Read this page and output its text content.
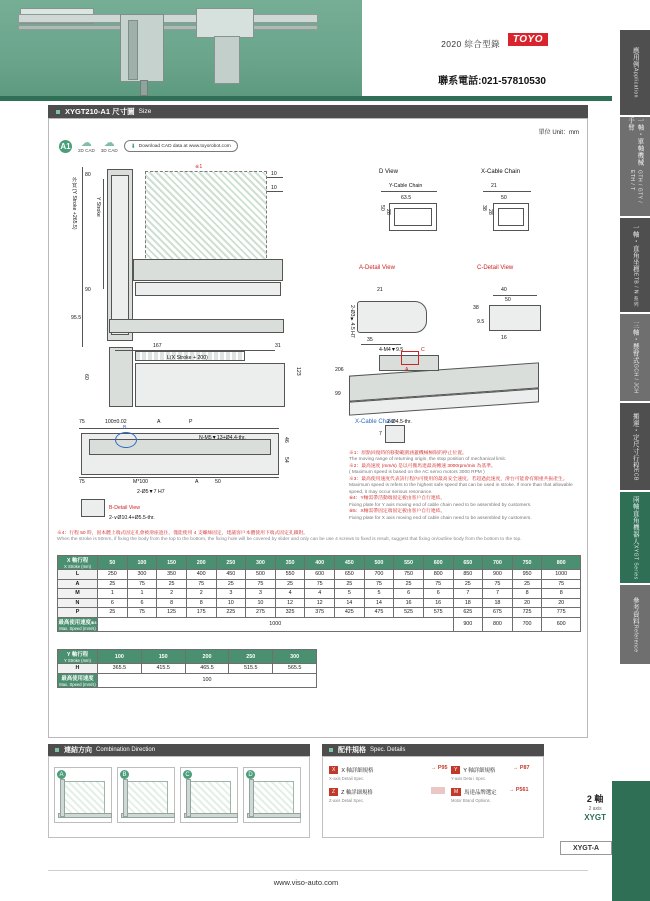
2020 綜合型錄	TOYO
聯系電話:021-57810530
XYGT210-A1 尺寸圖 Size
單位 Unit：mm
A1 ☁
2D CAD
☁
3D CAD
⬇ Download CAD data at www.toyorobot.com
外寬 (Y Stroke +265.5)	Y Stroke
80
90
95.5
※1
10
10
167	31
L(X Stroke + 200)
60
123
75	100±0.02	P
B
A
N-M5▼13+Ø4.4-thr.	46
54
75	M*100	A	50
2-Ø5▼7 H7
B-Detail View
2-∨Ø10.4+Ø5.5-thr.
D View
Y-Cable Chain
63.5
50
28
X-Cable Chain
21
50
38
28
A-Detail View
21
2-Ø3▼4.5 H7
35
4-M4▼9.5
C-Detail View
40
50
38
9.5
16
C
A
206
99
X-Cable Chain
2-Ø4.5-thr.
7
※1：原點回復時的移動範圍涵蓋機械極限的停止位置。
The moving range of returning origin, the stop position of mechanical limit.
※2：最高速度 (mm/s) 是以可搬馬達最高轉速 3000rpm/min 為基準。
( Maximum speed is based on the AC servo motors 3000 RPM )
※3：最高使用速度代表該行程內可使用的最高安全速度。若超過此速度，滑台可能會有額重共振產生。
Maximum speed is refers to the highest safe speed that can be used in stroke. If more than that allowable speed, it may occur serious resonance.
※4：Y軸需帶活動端固定板由客戶自行連結。
Fixing plate for Y axis moving end of cable chain need to be assembled by customers.
※5：X軸需帶固定端固定板由客戶自行連結。
Fixing plate for X axis moving end of cable chain need to be assembled by customers.
※4：行程 50 時，固本體上端式固定孔會被滑座遮住，僅能使用 4 支螺絲固定，建議客戶本體使用下端式固定孔鎖附。
When the stroke is 50mm, if fixing the body from the top to the bottom, the fixing hole will be covered by slider and only can be use 4 screws to fixed is result, suggest that fixing on/outline body from the bottom to the top.
X 軸行程
X Stroke (mm)	50	100	150	200	250	300	350	400	450	500	550	600	650	700	750	800
L	250	300	350	400	450	500	550	600	650	700	750	800	850	900	950	1000
A	25	75	25	75	25	75	25	75	25	75	25	75	25	75	25	75
M	1	1	2	2	3	3	4	4	5	5	6	6	7	7	8	8
N	6	6	8	8	10	10	12	12	14	14	16	16	18	18	20	20
P	25	75	125	175	225	275	325	375	425	475	525	575	625	675	725	775
最高使用速度※3
Max. Speed (mm/s)	1000												900	800	700	600
Y 軸行程
Y Stroke (mm)	100	150	200	250	300
H	365.5	415.5	465.5	515.5	565.5
最高使用速度
Max. Speed (mm/s)	100				
連結方向 Combination Direction
A	B	C	D
配件規格 Spec. Details
X	X 軸詳細規格
X-axis Detail Spec.
→ P95
Z	Z 軸詳細規格
Z-axis Detail Spec.
Y	Y 軸詳細規格
Y-axis Deta i Spec.
→ P87
M	馬達品牌選定
Motor Brand Options.
→ P561
2 軸
2 axis
XYGT
XYGT-A
www.viso-auto.com
應用例
Application
一軸・單軸機械手臂
GTH / GTY / ETH / T
一軸・直角坐標
ETB / N 系列
三軸・懸臂式
GCH / JCH
搬運・定尺寸行程
ECB
兩軸直角機器人
XYGT Series
參考資料
Reference
